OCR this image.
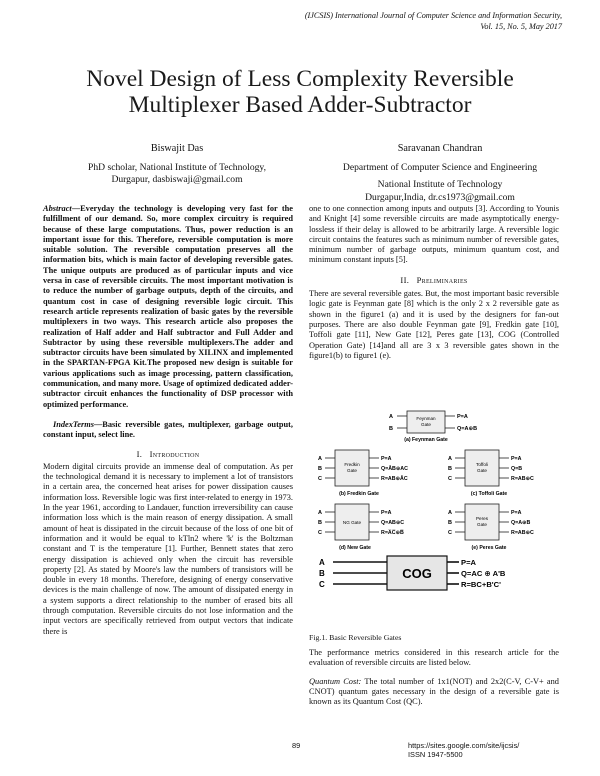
(IJCSIS) International Journal of Computer Science and Information Security,
Vol. 15, No. 5, May 2017
Novel Design of Less Complexity Reversible
Multiplexer Based Adder-Subtractor
Biswajit Das
PhD scholar, National Institute of Technology,
Durgapur, dasbiswaji@gmail.com
Saravanan Chandran
Department of Computer Science and Engineering
National Institute of Technology
Durgapur,India, dr.cs1973@gmail.com

Abstract—Everyday the technology is developing very fast for the fulfillment of our demand. So, more complex circuitry is required because of these large computations. Thus, power reduction is an important issue for this. Therefore, reversible computation is more suitable solution. The reversible computation preserves all the information bits, which is main factor of developing reversible gates. The unique outputs are produced as of particular inputs and vice versa in case of reversible circuits. The most important motivation is to reduce the number of garbage outputs, depth of the circuits, and quantum cost in case of designing reversible logic circuit. This research article represents realization of basic gates by the reversible multiplexers in two ways. This research article also proposes the realization of Half adder and Half subtractor and Full Adder and Subtractor by using these reversible multiplexers.The adder and subtractor circuits have been simulated by XILINX and implemented in the SPARTAN-FPGA Kit.The proposed new design is suitable for various applications such as image processing, pattern classification, communication, and many more. Usage of optimized dedicated adder-subtractor circuit enhances the functionality of DSP processor with optimized performance.

IndexTerms—Basic reversible gates, multiplexer, garbage output, constant input, select line.

I. Introduction

Modern digital circuits provide an immense deal of computation. As per the technological demand it is necessary to implement a lot of transistors in a certain area, the concerned heat arises for power dissipation causes information loss. Reversible logic was first inter-related to energy in 1973. In the year 1961, according to Landauer, function irreversibility can cause information loss which is the main reason of energy dissipation. A small amount of heat is dissipated in the circuit because of the loss of one bit of information and it would be equal to kTln2 where 'k' is the Boltzman constant and T is the temperature [1]. Further, Bennett states that zero energy dissipation is achieved only when the circuit has reversible property [2]. As stated by Moore's law the numbers of transistors will be double in every 18 months. Therefore, designing of energy conservative devices is the main challenge of now. The amount of dissipated energy in a system supports a direct relationship to the number of erased bits all through computation. Reversible circuits do not lose information and the input vectors are specifically retrieved from output vectors that indicate there is

one to one connection among inputs and outputs [3]. According to Younis and Knight [4] some reversible circuits are made asymptotically energy-lossless if their delay is allowed to be arbitrarily large. A reversible logic circuit contains the features such as minimum number of reversible gates, minimum number of garbage outputs, minimum quantum cost, and minimum constant inputs [5].

II. Preliminaries

There are several reversible gates. But, the most important basic reversible logic gate is Feynman gate [8] which is the only 2 x 2 reversible gate as shown in the figure1 (a) and it is used by the designers for fan-out purposes. There are also double Feynman gate [9], Fredkin gate [10], Toffoli gate [11], New Gate [12], Peres gate [13], COG (Controlled Operation Gate) [14]and all are 3 x 3 reversible gates shown in the figure1(b) to figure1 (e).

Feynman
Gate
A
B
P=A
Q=A⊕B
(a) Feynman Gate
Fredkin
Gate
A
B
C
P=A
Q=ĀB⊕AC
R=AB⊕ĀC
(b) Fredkin Gate
Toffoli
Gate
A
B
C
P=A
Q=B
R=AB⊕C
(c) Toffoli Gate
NG Gate
A
B
C
P=A
Q=AB⊕C
R=A̅C̅⊕B̅
(d) New Gate
Peres
Gate
A
B
C
P=A
Q=A⊕B
R=AB⊕C
(e) Peres Gate
COG
A
B
C
P=A
Q=AC ⊕ A'B
R=BC+B'C'
Fig.1. Basic Reversible Gates

The performance metrics considered in this research article for the evaluation of reversible circuits are listed below.

Quantum Cost: The total number of 1x1(NOT) and 2x2(C-V, C-V+ and CNOT) quantum gates necessary in the design of a reversible gate is known as its Quantum Cost (QC).

89	https://sites.google.com/site/ijcsis/
ISSN 1947-5500
